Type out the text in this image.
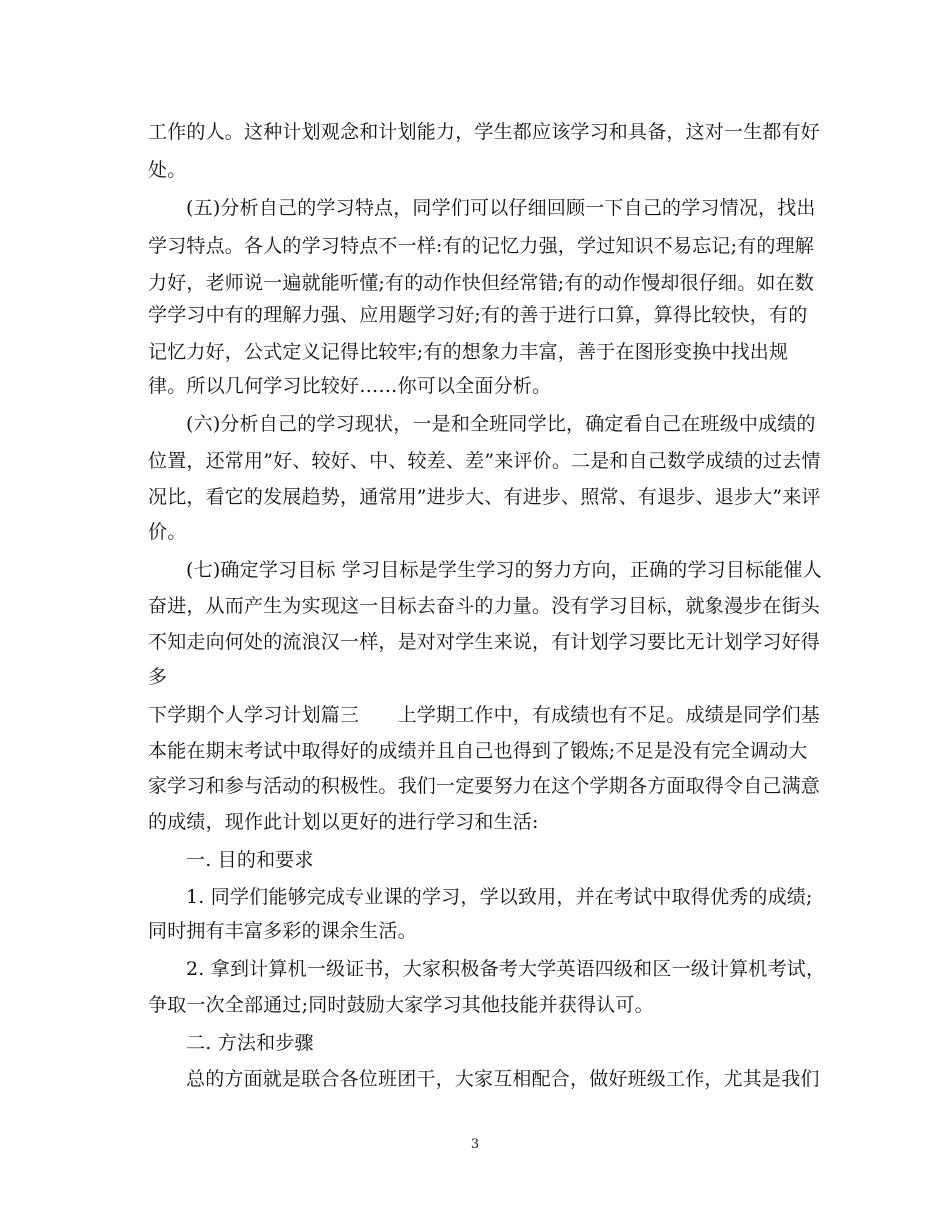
工作的人。这种计划观念和计划能力，学生都应该学习和具备，这对一生都有好
处。
(五)分析自己的学习特点，同学们可以仔细回顾一下自己的学习情况，找出
学习特点。各人的学习特点不一样:有的记忆力强，学过知识不易忘记;有的理解
力好，老师说一遍就能听懂;有的动作快但经常错;有的动作慢却很仔细。如在数
学学习中有的理解力强、应用题学习好;有的善于进行口算，算得比较快，有的
记忆力好，公式定义记得比较牢;有的想象力丰富，善于在图形变换中找出规
律。所以几何学习比较好……你可以全面分析。
(六)分析自己的学习现状，一是和全班同学比，确定看自己在班级中成绩的
位置，还常用”好、较好、中、较差、差”来评价。二是和自己数学成绩的过去情
况比，看它的发展趋势，通常用”进步大、有进步、照常、有退步、退步大”来评
价。
(七)确定学习目标 学习目标是学生学习的努力方向，正确的学习目标能催人
奋进，从而产生为实现这一目标去奋斗的力量。没有学习目标，就象漫步在街头
不知走向何处的流浪汉一样，是对对学生来说，有计划学习要比无计划学习好得
多
下学期个人学习计划篇三　　上学期工作中，有成绩也有不足。成绩是同学们基
本能在期末考试中取得好的成绩并且自己也得到了锻炼;不足是没有完全调动大
家学习和参与活动的积极性。我们一定要努力在这个学期各方面取得令自己满意
的成绩，现作此计划以更好的进行学习和生活:
一. 目的和要求
1. 同学们能够完成专业课的学习，学以致用，并在考试中取得优秀的成绩;
同时拥有丰富多彩的课余生活。
2. 拿到计算机一级证书，大家积极备考大学英语四级和区一级计算机考试，
争取一次全部通过;同时鼓励大家学习其他技能并获得认可。
二. 方法和步骤
总的方面就是联合各位班团干，大家互相配合，做好班级工作，尤其是我们
3
